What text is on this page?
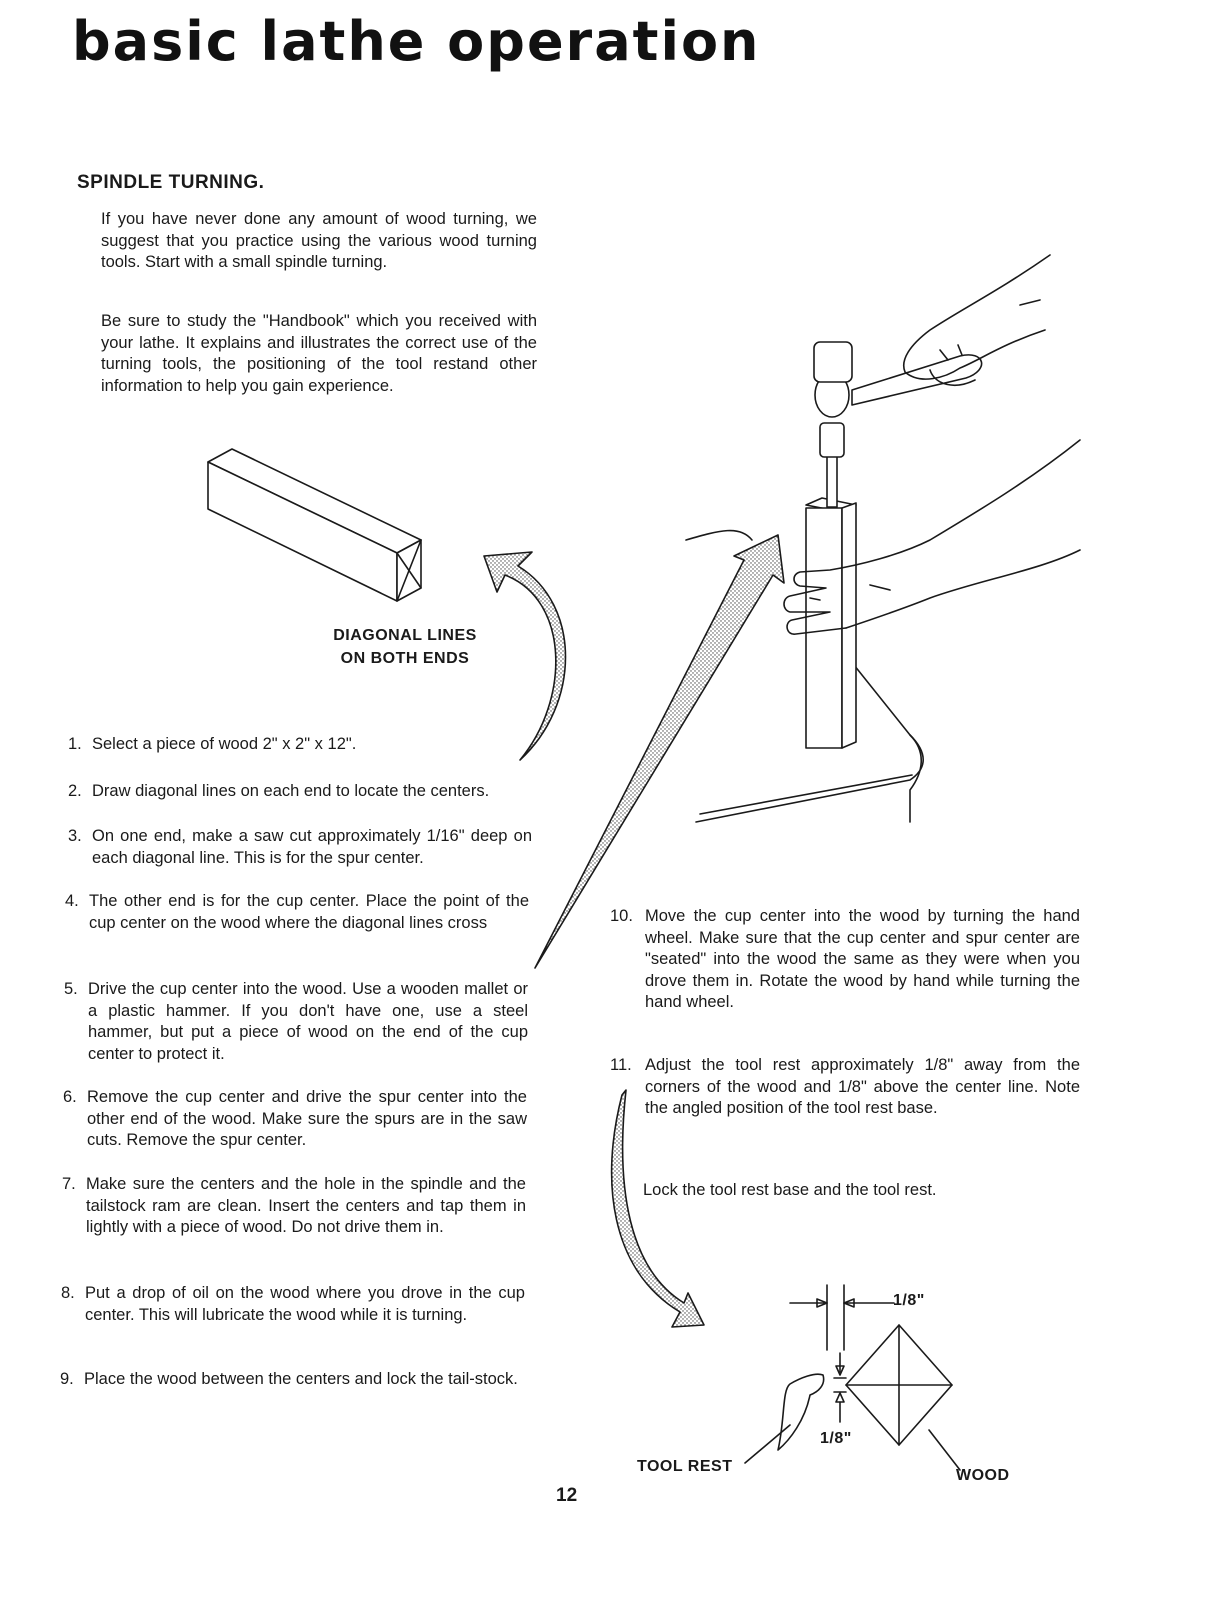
basic lathe operation
SPINDLE TURNING.
If you have never done any amount of wood turning, we suggest that you practice using the various wood turning tools. Start with a small spindle turning.
Be sure to study the "Handbook" which you received with your lathe. It explains and illustrates the correct use of the turning tools, the positioning of the tool restand other information to help you gain experience.
DIAGONAL LINES
ON BOTH ENDS
TOOL REST
WOOD
1/8"
1/8"
1. Select a piece of wood 2" x 2" x 12".
2. Draw diagonal lines on each end to locate the centers.
3. On one end, make a saw cut approximately 1/16" deep on each diagonal line. This is for the spur center.
4. The other end is for the cup center. Place the point of the cup center on the wood where the diagonal lines cross
5. Drive the cup center into the wood. Use a wooden mallet or a plastic hammer. If you don't have one, use a steel hammer, but put a piece of wood on the end of the cup center to protect it.
6. Remove the cup center and drive the spur center into the other end of the wood. Make sure the spurs are in the saw cuts. Remove the spur center.
7. Make sure the centers and the hole in the spindle and the tailstock ram are clean. Insert the centers and tap them in lightly with a piece of wood. Do not drive them in.
8. Put a drop of oil on the wood where you drove in the cup center. This will lubricate the wood while it is turning.
9. Place the wood between the centers and lock the tail-stock.
10. Move the cup center into the wood by turning the hand wheel. Make sure that the cup center and spur center are "seated" into the wood the same as they were when you drove them in. Rotate the wood by hand while turning the hand wheel.
11. Adjust the tool rest approximately 1/8" away from the corners of the wood and 1/8" above the center line. Note the angled position of the tool rest base.
Lock the tool rest base and the tool rest.
12
